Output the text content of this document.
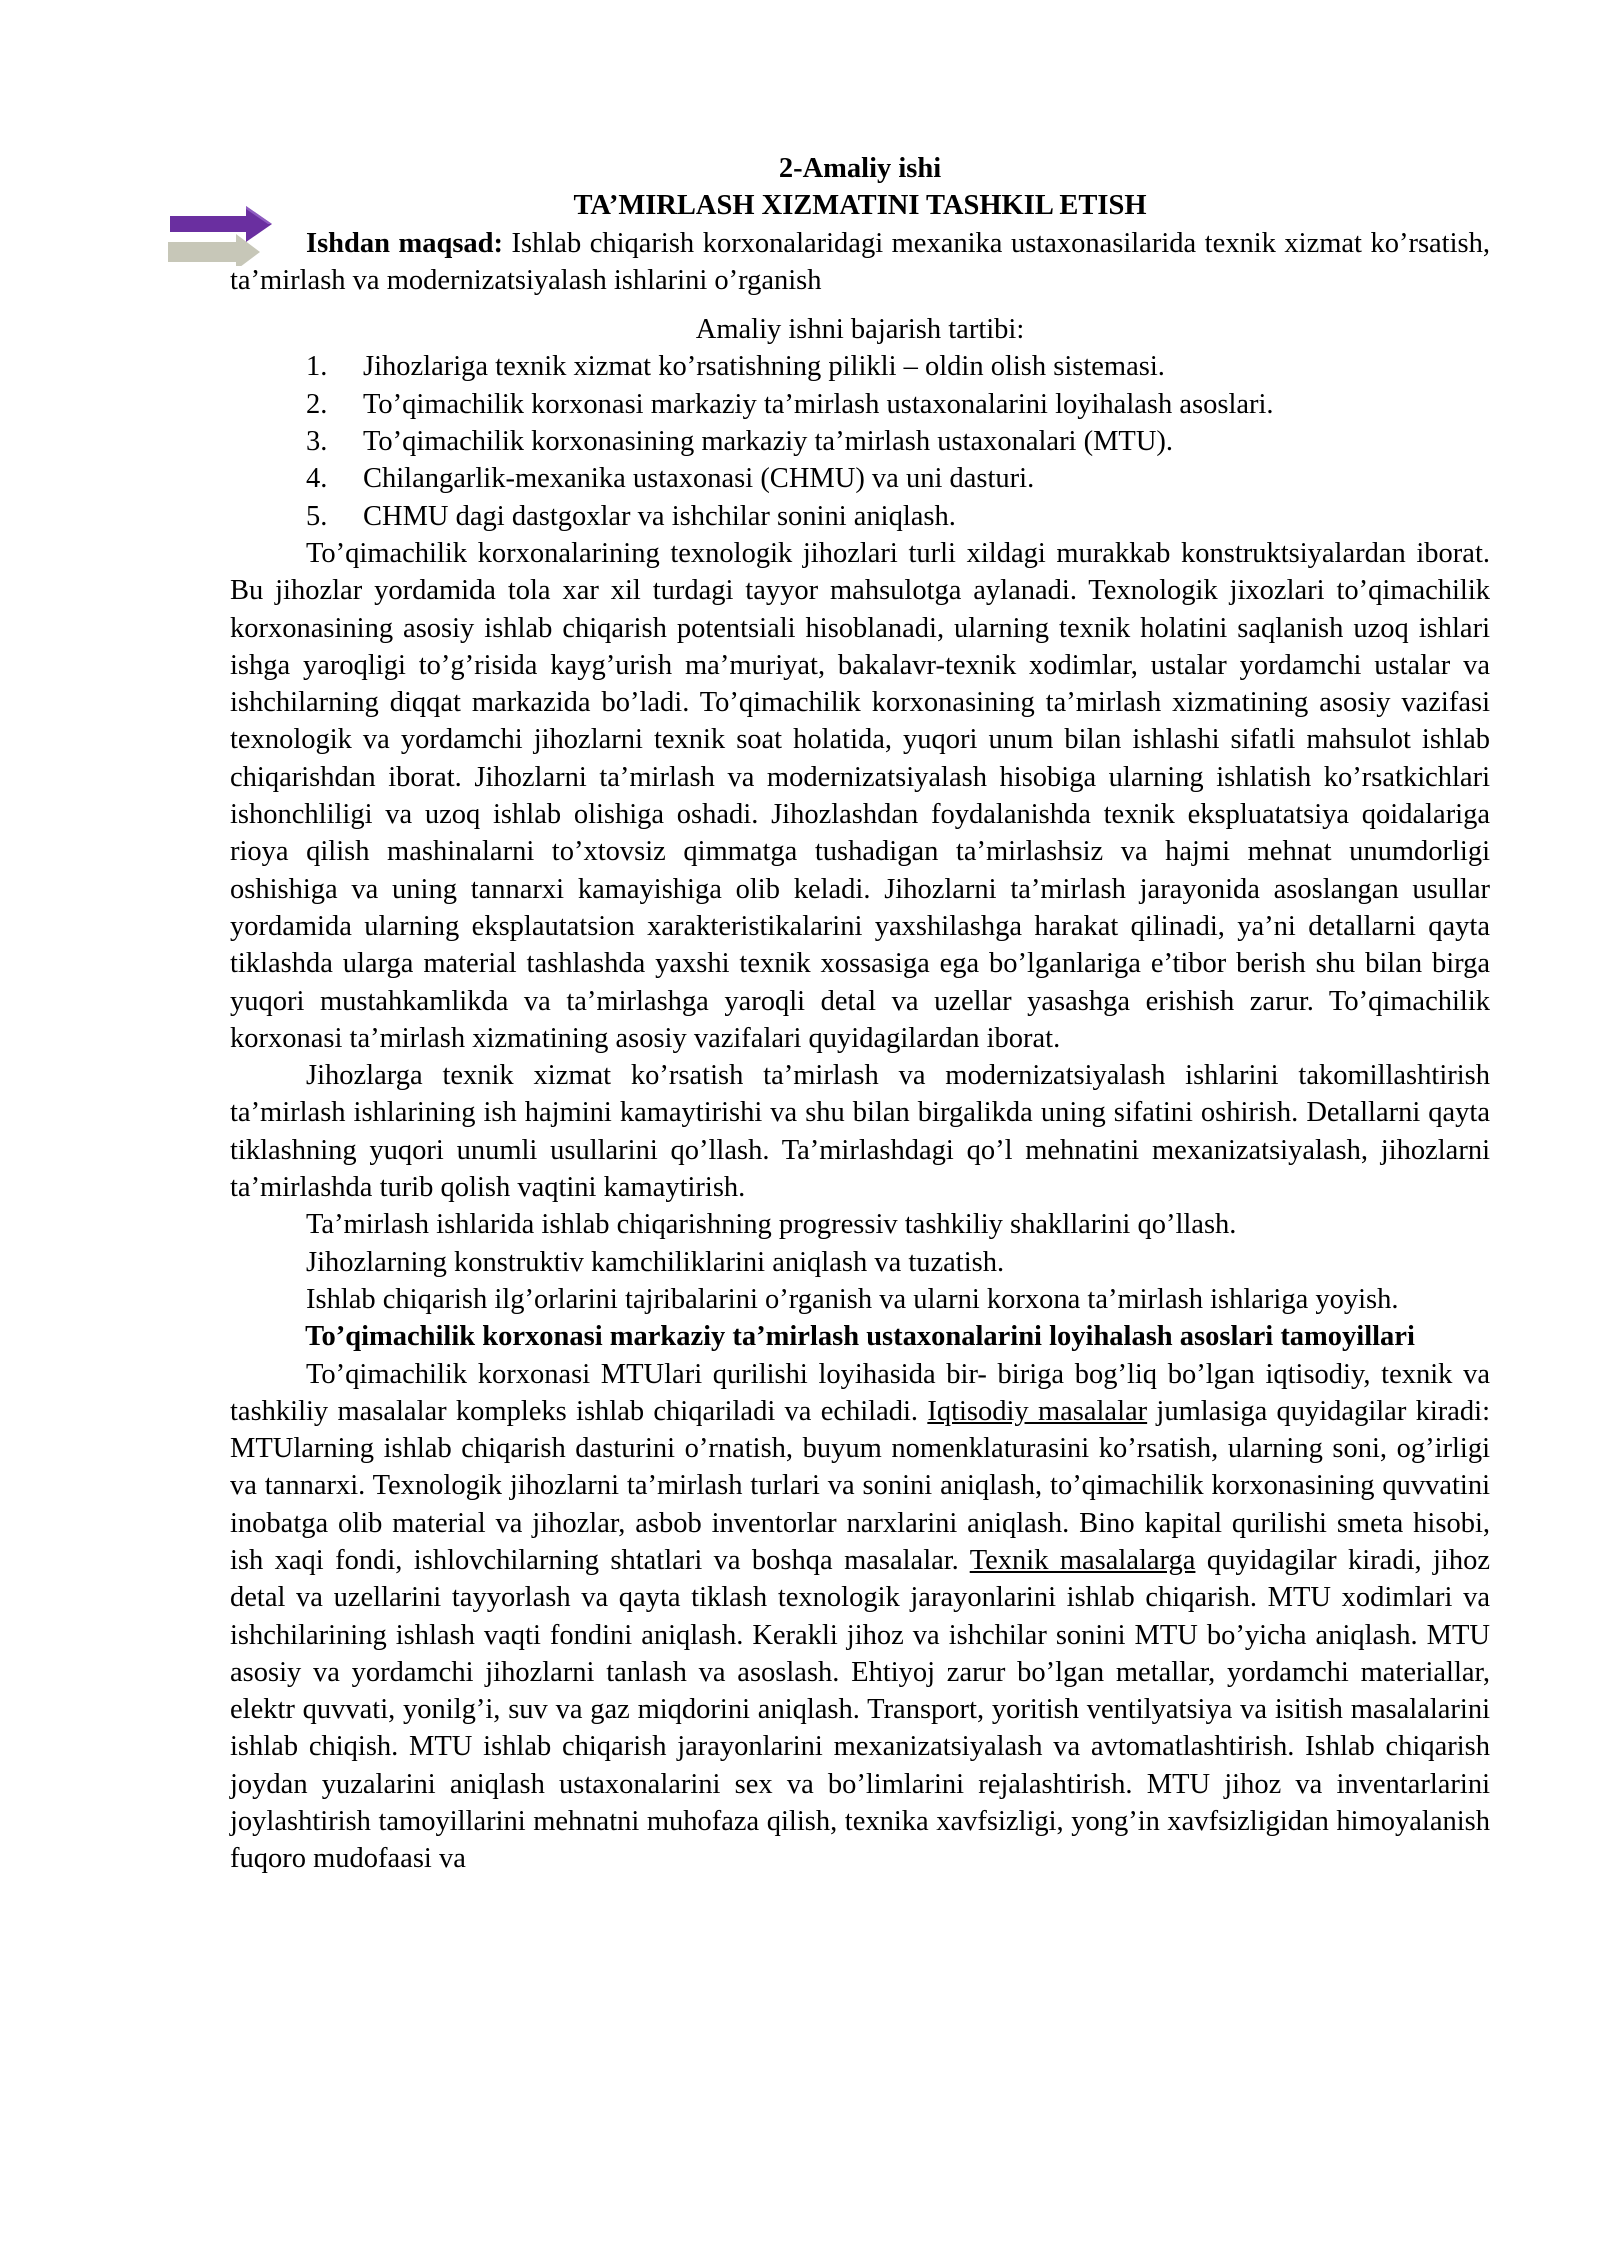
2-Amaliy ishi

TA’MIRLASH XIZMATINI TASHKIL ETISH

Ishdan maqsad: Ishlab chiqarish korxonalaridagi mexanika ustaxonasilarida texnik xizmat ko’rsatish, ta’mirlash va modernizatsiyalash ishlarini o’rganish

Amaliy ishni bajarish tartibi:

1. Jihozlariga texnik xizmat ko’rsatishning pilikli – oldin olish sistemasi.
2. To’qimachilik korxonasi markaziy ta’mirlash ustaxonalarini loyihalash asoslari.
3. To’qimachilik korxonasining markaziy ta’mirlash ustaxonalari (MTU).
4. Chilangarlik-mexanika ustaxonasi (CHMU) va uni dasturi.
5. CHMU dagi dastgoxlar va ishchilar sonini aniqlash.

To’qimachilik korxonalarining texnologik jihozlari turli xildagi murakkab konstruktsiyalardan iborat. Bu jihozlar yordamida tola xar xil turdagi tayyor mahsulotga aylanadi. Texnologik jixozlari to’qimachilik korxonasining asosiy ishlab chiqarish potentsiali hisoblanadi, ularning texnik holatini saqlanish uzoq ishlari ishga yaroqligi to’g’risida kayg’urish ma’muriyat, bakalavr-texnik xodimlar, ustalar yordamchi ustalar va ishchilarning diqqat markazida bo’ladi. To’qimachilik korxonasining ta’mirlash xizmatining asosiy vazifasi texnologik va yordamchi jihozlarni texnik soat holatida, yuqori unum bilan ishlashi sifatli mahsulot ishlab chiqarishdan iborat. Jihozlarni ta’mirlash va modernizatsiyalash hisobiga ularning ishlatish ko’rsatkichlari ishonchliligi va uzoq ishlab olishiga oshadi. Jihozlashdan foydalanishda texnik ekspluatatsiya qoidalariga rioya qilish mashinalarni to’xtovsiz qimmatga tushadigan ta’mirlashsiz va hajmi mehnat unumdorligi oshishiga va uning tannarxi kamayishiga olib keladi. Jihozlarni ta’mirlash jarayonida asoslangan usullar yordamida ularning eksplautatsion xarakteristikalarini yaxshilashga harakat qilinadi, ya’ni detallarni qayta tiklashda ularga material tashlashda yaxshi texnik xossasiga ega bo’lganlariga e’tibor berish shu bilan birga yuqori mustahkamlikda va ta’mirlashga yaroqli detal va uzellar yasashga erishish zarur. To’qimachilik korxonasi ta’mirlash xizmatining asosiy vazifalari quyidagilardan iborat.

Jihozlarga texnik xizmat ko’rsatish ta’mirlash va modernizatsiyalash ishlarini takomillashtirish ta’mirlash ishlarining ish hajmini kamaytirishi va shu bilan birgalikda uning sifatini oshirish. Detallarni qayta tiklashning yuqori unumli usullarini qo’llash. Ta’mirlashdagi qo’l mehnatini mexanizatsiyalash, jihozlarni ta’mirlashda turib qolish vaqtini kamaytirish.

Ta’mirlash ishlarida ishlab chiqarishning progressiv tashkiliy shakllarini qo’llash.

Jihozlarning konstruktiv kamchiliklarini aniqlash va tuzatish.

Ishlab chiqarish ilg’orlarini tajribalarini o’rganish va ularni korxona ta’mirlash ishlariga yoyish.

To’qimachilik korxonasi markaziy ta’mirlash ustaxonalarini loyihalash asoslari tamoyillari

To’qimachilik korxonasi MTUlari qurilishi loyihasida bir- biriga bog’liq bo’lgan iqtisodiy, texnik va tashkiliy masalalar kompleks ishlab chiqariladi va echiladi. Iqtisodiy masalalar jumlasiga quyidagilar kiradi: MTUlarning ishlab chiqarish dasturini o’rnatish, buyum nomenklaturasini ko’rsatish, ularning soni, og’irligi va tannarxi. Texnologik jihozlarni ta’mirlash turlari va sonini aniqlash, to’qimachilik korxonasining quvvatini inobatga olib material va jihozlar, asbob inventorlar narxlarini aniqlash. Bino kapital qurilishi smeta hisobi, ish xaqi fondi, ishlovchilarning shtatlari va boshqa masalalar. Texnik masalalarga quyidagilar kiradi, jihoz detal va uzellarini tayyorlash va qayta tiklash texnologik jarayonlarini ishlab chiqarish. MTU xodimlari va ishchilarining ishlash vaqti fondini aniqlash. Kerakli jihoz va ishchilar sonini MTU bo’yicha aniqlash. MTU asosiy va yordamchi jihozlarni tanlash va asoslash. Ehtiyoj zarur bo’lgan metallar, yordamchi materiallar, elektr quvvati, yonilg’i, suv va gaz miqdorini aniqlash. Transport, yoritish ventilyatsiya va isitish masalalarini ishlab chiqish. MTU ishlab chiqarish jarayonlarini mexanizatsiyalash va avtomatlashtirish. Ishlab chiqarish joydan yuzalarini aniqlash ustaxonalarini sex va bo’limlarini rejalashtirish. MTU jihoz va inventarlarini joylashtirish tamoyillarini mehnatni muhofaza qilish, texnika xavfsizligi, yong’in xavfsizligidan himoyalanish fuqoro mudofaasi va
